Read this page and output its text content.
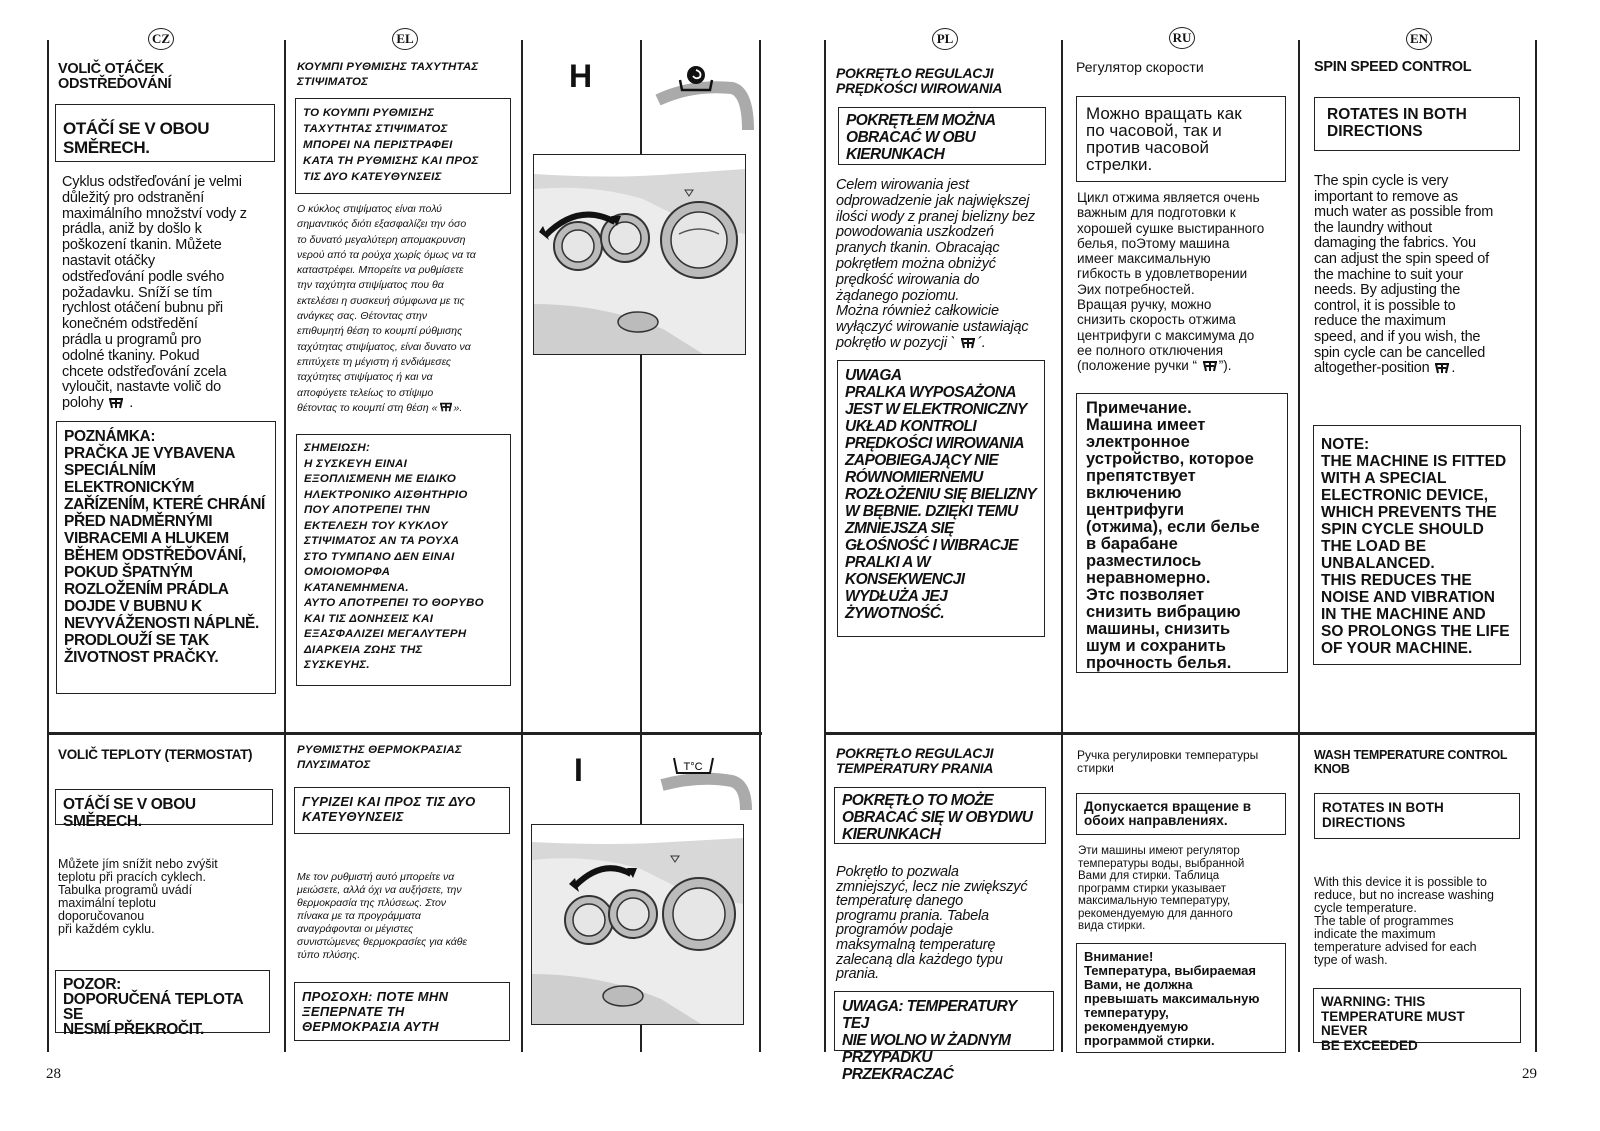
CZ	EL	PL	RU	EN
VOLIČ OTÁČEK
ODSTŘEĎOVÁNÍ
OTÁČÍ SE V OBOU
SMĚRECH.
Cyklus odstřeďování je velmi
důležitý pro odstranění
maximálního množství vody z
prádla, aniž by došlo k
poškození tkanin. Můžete
nastavit otáčky
odstřeďování podle svého
požadavku. Sníží se tím
rychlost otáčení bubnu při
konečném odstředění
prádla u programů pro
odolné tkaniny. Pokud
chcete odstřeďování zcela
vyloučit, nastavte volič do
polohy  .
POZNÁMKA:
PRAČKA JE VYBAVENA
SPECIÁLNÍM
ELEKTRONICKÝM
ZAŘÍZENÍM, KTERÉ CHRÁNÍ
PŘED NADMĚRNÝMI
VIBRACEMI A HLUKEM
BĚHEM ODSTŘEĎOVÁNÍ,
POKUD ŠPATNÝM
ROZLOŽENÍM PRÁDLA
DOJDE V BUBNU K
NEVYVÁŽENOSTI NÁPLNĚ.
PRODLOUŽÍ SE TAK
ŽIVOTNOST PRAČKY.
VOLIČ TEPLOTY (TERMOSTAT)
OTÁČÍ SE V OBOU SMĚRECH.
Můžete jím snížit nebo zvýšit
teplotu při pracích cyklech.
Tabulka programů uvádí
maximální teplotu
doporučovanou
při každém cyklu.
POZOR:
DOPORUČENÁ TEPLOTA SE
NESMÍ PŘEKROČIT.
ΚΟΥΜΠΙ ΡΥΘΜΙΣΗΣ ΤΑΧΥΤΗΤΑΣ
ΣΤΙΨΙΜΑΤΟΣ
ΤΟ ΚΟΥΜΠΙ ΡΥΘΜΙΣΗΣ
ΤΑΧΥΤΗΤΑΣ ΣΤΙΨΙΜΑΤΟΣ
ΜΠΟΡΕΙ ΝΑ ΠΕΡΙΣΤΡΑΦΕΙ
ΚΑΤΑ ΤΗ ΡΥΘΜΙΣΗΣ ΚΑΙ ΠΡΟΣ
ΤΙΣ ΔΥΟ ΚΑΤΕΥΘΥΝΣΕΙΣ
Ο κύκλος στιψίματος είναι πολύ
σημαντικός διότι εξασφαλίζει την όσο
το δυνατό μεγαλύτερη απομακρυνση
νερού από τα ρούχα χωρίς όμως να τα
καταστρέφει. Μπορείτε να ρυθμίσετε
την ταχύτητα στιψίματος που θα
εκτελέσει η συσκευή σύμφωνα με τις
ανάγκες σας. Θέτοντας στην
επιθυμητή θέση το κουμπί ρύθμισης
ταχύτητας στιψίματος, είναι δυνατο να
επιτύχετε τη μέγιστη ή ενδιάμεσες
ταχύτητες στιψίματος ή και να
αποφύγετε τελείως το στίψιμο
θέτοντας το κουμπί στη θέση « ».
ΣΗΜΕΙΩΣΗ:
Η ΣΥΣΚΕΥΗ ΕΙΝΑΙ
ΕΞΟΠΛΙΣΜΕΝΗ ΜΕ ΕΙΔΙΚΟ
ΗΛΕΚΤΡΟΝΙΚΟ ΑΙΣΘΗΤΗΡΙΟ
ΠΟΥ ΑΠΟΤΡΕΠΕΙ ΤΗΝ
ΕΚΤΕΛΕΣΗ ΤΟΥ ΚΥΚΛΟΥ
ΣΤΙΨΙΜΑΤΟΣ ΑΝ ΤΑ ΡΟΥΧΑ
ΣΤΟ ΤΥΜΠΑΝΟ ΔΕΝ ΕΙΝΑΙ
ΟΜΟΙΟΜΟΡΦΑ
ΚΑΤΑΝΕΜΗΜΕΝΑ.
ΑΥΤΟ ΑΠΟΤΡΕΠΕΙ ΤΟ ΘΟΡΥΒΟ
ΚΑΙ ΤΙΣ ΔΟΝΗΣΕΙΣ ΚΑΙ
ΕΞΑΣΦΑΛΙΖΕΙ ΜΕΓΑΛΥΤΕΡΗ
ΔΙΑΡΚΕΙΑ ΖΩΗΣ ΤΗΣ
ΣΥΣΚΕΥΗΣ.
ΡΥΘΜΙΣΤΗΣ ΘΕΡΜΟΚΡΑΣΙΑΣ
ΠΛΥΣΙΜΑΤΟΣ
ΓΥΡΙΖΕΙ ΚΑΙ ΠΡΟΣ ΤΙΣ ΔΥΟ
ΚΑΤΕΥΘΥΝΣΕΙΣ
Με τον ρυθμιστή αυτό μπορείτε να
μειώσετε, αλλά όχι να αυξήσετε, την
θερμοκρασία της πλύσεως. Στον
πίνακα με τα προγράμματα
αναγράφονται οι μέγιστες
συνιστώμενες θερμοκρασίες για κάθε
τύπο πλύσης.
ΠΡΟΣΟΧΗ: ΠΟΤΕ ΜΗΝ
ΞΕΠΕΡΝΑΤΕ ΤΗ
ΘΕΡΜΟΚΡΑΣΙΑ ΑΥΤΗ
H
I	T°C
POKRĘTŁO REGULACJI
PRĘDKOŚCI WIROWANIA
POKRĘTŁEM MOŻNA
OBRACAĆ W OBU
KIERUNKACH
Celem wirowania jest
odprowadzenie jak największej
ilości wody z pranej bielizny bez
powodowania uszkodzeń
pranych tkanin. Obracając
pokrętłem można obniżyć
prędkość wirowania do
żądanego poziomu.
Można również całkowicie
wyłączyć wirowanie ustawiając
pokrętło w pozycji ` ´.
UWAGA
PRALKA WYPOSAŻONA
JEST W ELEKTRONICZNY
UKŁAD KONTROLI
PRĘDKOŚCI WIROWANIA
ZAPOBIEGAJĄCY NIE
RÓWNOMIERNEMU
ROZŁOŻENIU SIĘ BIELIZNY
W BĘBNIE. DZIĘKI TEMU
ZMNIEJSZA SIĘ
GŁOŚNOŚĆ I WIBRACJE
PRALKI A W
KONSEKWENCJI
WYDŁUŻA JEJ
ŻYWOTNOŚĆ.
POKRĘTŁO REGULACJI
TEMPERATURY PRANIA
POKRĘTŁO TO MOŻE
OBRACAĆ SIĘ W OBYDWU
KIERUNKACH
Pokrętło to pozwala
zmniejszyć, lecz nie zwiększyć
temperaturę danego
programu prania. Tabela
programów podaje
maksymalną temperaturę
zalecaną dla każdego typu
prania.
UWAGA: TEMPERATURY TEJ
NIE WOLNO W ŻADNYM
PRZYPADKU PRZEKRACZAĆ
Регулятор скорости
Можно вращать как
по часовой, так и
против часовой
стрелки.
Цикл отжима является очень
важным для подготовки к
хорошей сушке выстиранного
белья, поЭтому машина
имеег максимальную
гибкость в удовлетворении
Эих потребностей.
Вращая ручку, можно
снизить скорость отжима
центрифуги с максимума до
ее полного отключения
(положение ручки “ ”).
Примечание.
Машина имеет
электронное
устройство, которое
препятствует
включению
центрифуги
(отжима), если белье
в барабане
разместилось
неравномерно.
Этс позволяет
снизить вибрацию
машины, снизить
шум и сохранить
прочность белья.
Ручка регулировки температуры
стирки
Допускается вращение в
обоих направлениях.
Эти машины имеют регулятор
температуры воды, выбранной
Вами для стирки. Таблица
программ стирки указывает
максимальную температуру,
рекомендуемую для данного
вида стирки.
Внимание!
Температура, выбираемая
Вами, не должна
превышать максимальную
температуру,
рекомендуемую
программой стирки.
SPIN SPEED CONTROL
ROTATES IN BOTH
DIRECTIONS
The spin cycle is very
important to remove as
much water as possible from
the laundry without
damaging the fabrics. You
can adjust the spin speed of
the machine to suit your
needs. By adjusting the
control, it is possible to
reduce the maximum
speed, and if you wish, the
spin cycle can be cancelled
altogether-position .
NOTE:
THE MACHINE IS FITTED
WITH A SPECIAL
ELECTRONIC DEVICE,
WHICH PREVENTS THE
SPIN CYCLE SHOULD
THE LOAD BE
UNBALANCED.
THIS REDUCES THE
NOISE AND VIBRATION
IN THE MACHINE AND
SO PROLONGS THE LIFE
OF YOUR MACHINE.
WASH TEMPERATURE CONTROL
KNOB
ROTATES IN BOTH
DIRECTIONS
With this device it is possible to
reduce, but no increase washing
cycle temperature.
The table of programmes
indicate the maximum
temperature advised for each
type of wash.
WARNING: THIS
TEMPERATURE MUST NEVER
BE EXCEEDED
28	29
